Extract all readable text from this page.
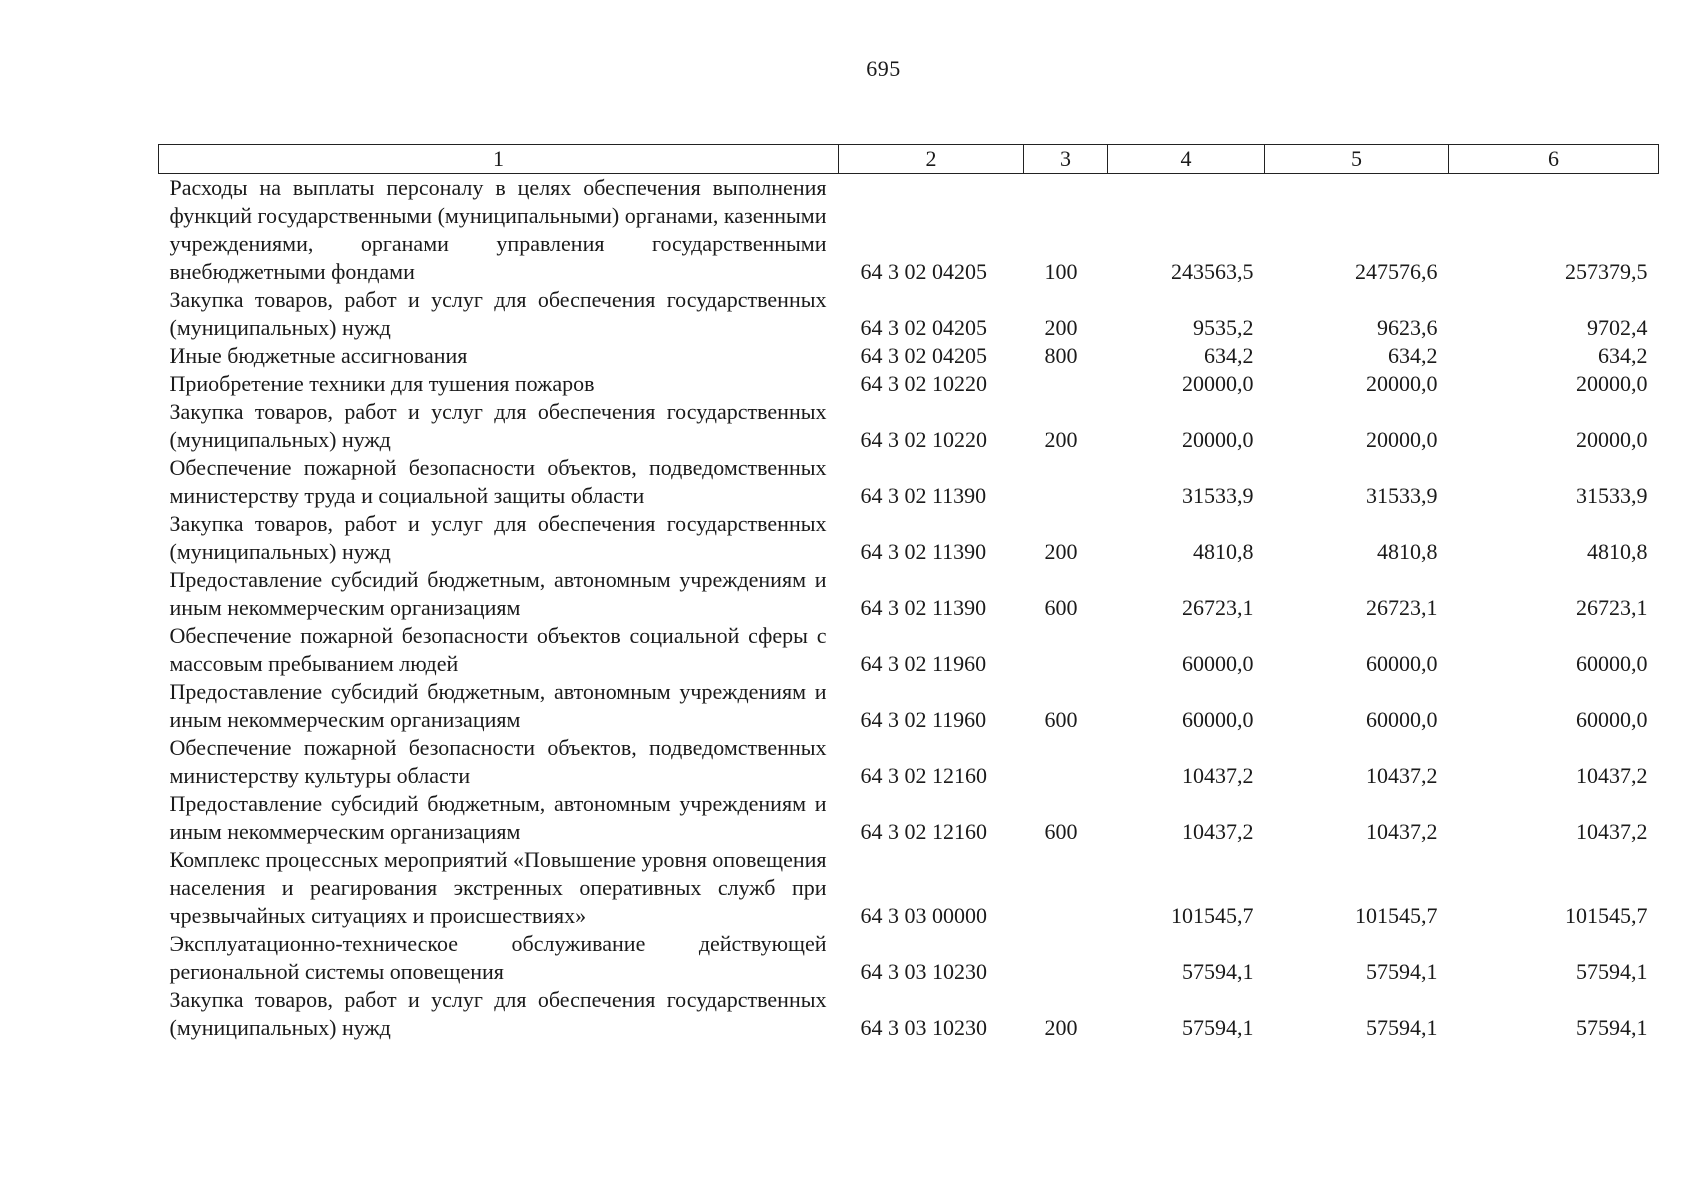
695
1	2	3	4	5	6
Расходы на выплаты персоналу в целях обеспечения выполнения функций государственными (муниципальными) органами, казенными учреждениями, органами управления государственными внебюджетными фондами	64 3 02 04205	100	243563,5	247576,6	257379,5
Закупка товаров, работ и услуг для обеспечения государственных (муниципальных) нужд	64 3 02 04205	200	9535,2	9623,6	9702,4
Иные бюджетные ассигнования	64 3 02 04205	800	634,2	634,2	634,2
Приобретение техники для тушения пожаров	64 3 02 10220		20000,0	20000,0	20000,0
Закупка товаров, работ и услуг для обеспечения государственных (муниципальных) нужд	64 3 02 10220	200	20000,0	20000,0	20000,0
Обеспечение пожарной безопасности объектов, подведомственных министерству труда и социальной защиты области	64 3 02 11390		31533,9	31533,9	31533,9
Закупка товаров, работ и услуг для обеспечения государственных (муниципальных) нужд	64 3 02 11390	200	4810,8	4810,8	4810,8
Предоставление субсидий бюджетным, автономным учреждениям и иным некоммерческим организациям	64 3 02 11390	600	26723,1	26723,1	26723,1
Обеспечение пожарной безопасности объектов социальной сферы с массовым пребыванием людей	64 3 02 11960		60000,0	60000,0	60000,0
Предоставление субсидий бюджетным, автономным учреждениям и иным некоммерческим организациям	64 3 02 11960	600	60000,0	60000,0	60000,0
Обеспечение пожарной безопасности объектов, подведомственных министерству культуры области	64 3 02 12160		10437,2	10437,2	10437,2
Предоставление субсидий бюджетным, автономным учреждениям и иным некоммерческим организациям	64 3 02 12160	600	10437,2	10437,2	10437,2
Комплекс процессных мероприятий «Повышение уровня оповещения населения и реагирования экстренных оперативных служб при чрезвычайных ситуациях и происшествиях»	64 3 03 00000		101545,7	101545,7	101545,7
Эксплуатационно-техническое обслуживание действующей региональной системы оповещения	64 3 03 10230		57594,1	57594,1	57594,1
Закупка товаров, работ и услуг для обеспечения государственных (муниципальных) нужд	64 3 03 10230	200	57594,1	57594,1	57594,1
